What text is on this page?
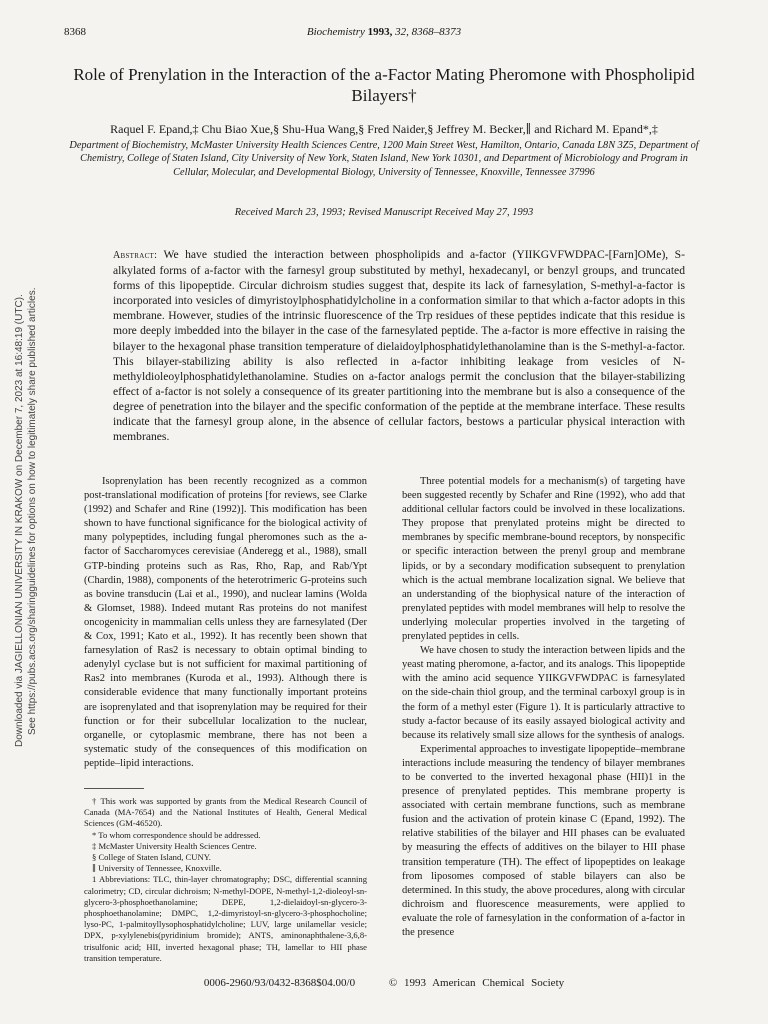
8368	Biochemistry 1993, 32, 8368–8373
Role of Prenylation in the Interaction of the a-Factor Mating Pheromone with Phospholipid Bilayers†
Raquel F. Epand,‡ Chu Biao Xue,§ Shu-Hua Wang,§ Fred Naider,§ Jeffrey M. Becker,∥ and Richard M. Epand*,‡
Department of Biochemistry, McMaster University Health Sciences Centre, 1200 Main Street West, Hamilton, Ontario, Canada L8N 3Z5, Department of Chemistry, College of Staten Island, City University of New York, Staten Island, New York 10301, and Department of Microbiology and Program in Cellular, Molecular, and Developmental Biology, University of Tennessee, Knoxville, Tennessee 37996
Received March 23, 1993; Revised Manuscript Received May 27, 1993
Abstract: We have studied the interaction between phospholipids and a-factor (YIIKGVFWDPAC-[Farn]OMe), S-alkylated forms of a-factor with the farnesyl group substituted by methyl, hexadecanyl, or benzyl groups, and truncated forms of this lipopeptide. Circular dichroism studies suggest that, despite its lack of farnesylation, S-methyl-a-factor is incorporated into vesicles of dimyristoylphosphatidylcholine in a conformation similar to that which a-factor adopts in this membrane. However, studies of the intrinsic fluorescence of the Trp residues of these peptides indicate that this residue is more deeply imbedded into the bilayer in the case of the farnesylated peptide. The a-factor is more effective in raising the bilayer to the hexagonal phase transition temperature of dielaidoylphosphatidylethanolamine than is the S-methyl-a-factor. This bilayer-stabilizing ability is also reflected in a-factor inhibiting leakage from vesicles of N-methyldioleoylphosphatidylethanolamine. Studies on a-factor analogs permit the conclusion that the bilayer-stabilizing effect of a-factor is not solely a consequence of its greater partitioning into the membrane but is also a consequence of the degree of penetration into the bilayer and the specific conformation of the peptide at the membrane interface. These results indicate that the farnesyl group alone, in the absence of cellular factors, bestows a particular physical interaction with membranes.

Isoprenylation has been recently recognized as a common post-translational modification of proteins [for reviews, see Clarke (1992) and Schafer and Rine (1992)]. This modification has been shown to have functional significance for the biological activity of many polypeptides, including fungal pheromones such as the a-factor of Saccharomyces cerevisiae (Anderegg et al., 1988), small GTP-binding proteins such as Ras, Rho, Rap, and Rab/Ypt (Chardin, 1988), components of the heterotrimeric G-proteins such as bovine transducin (Lai et al., 1990), and nuclear lamins (Wolda & Glomset, 1988). Indeed mutant Ras proteins do not manifest oncogenicity in mammalian cells unless they are farnesylated (Der & Cox, 1991; Kato et al., 1992). It has recently been shown that farnesylation of Ras2 is necessary to obtain optimal binding to adenylyl cyclase but is not sufficient for maximal partitioning of Ras2 into membranes (Kuroda et al., 1993). Although there is considerable evidence that many functionally important proteins are isoprenylated and that isoprenylation may be required for their function or for their subcellular localization to the nuclear, organelle, or cytoplasmic membrane, there has not been a systematic study of the consequences of this modification on peptide–lipid interactions.

† This work was supported by grants from the Medical Research Council of Canada (MA-7654) and the National Institutes of Health, General Medical Sciences (GM-46520).

* To whom correspondence should be addressed.

‡ McMaster University Health Sciences Centre.

§ College of Staten Island, CUNY.

∥ University of Tennessee, Knoxville.

1 Abbreviations: TLC, thin-layer chromatography; DSC, differential scanning calorimetry; CD, circular dichroism; N-methyl-DOPE, N-methyl-1,2-dioleoyl-sn-glycero-3-phosphoethanolamine; DEPE, 1,2-dielaidoyl-sn-glycero-3-phosphoethanolamine; DMPC, 1,2-dimyristoyl-sn-glycero-3-phosphocholine; lyso-PC, 1-palmitoyllysophosphatidylcholine; LUV, large unilamellar vesicle; DPX, p-xylylenebis(pyridinium bromide); ANTS, aminonaphthalene-3,6,8-trisulfonic acid; HII, inverted hexagonal phase; TH, lamellar to HII phase transition temperature.

Three potential models for a mechanism(s) of targeting have been suggested recently by Schafer and Rine (1992), who add that additional cellular factors could be involved in these localizations. They propose that prenylated proteins might be directed to membranes by specific membrane-bound receptors, by nonspecific or specific interaction between the prenyl group and membrane lipids, or by a secondary modification subsequent to prenylation which is the actual membrane localization signal. We believe that an understanding of the biophysical nature of the interaction of prenylated peptides with model membranes will help to resolve the underlying molecular properties involved in the targeting of prenylated peptides in cells.

We have chosen to study the interaction between lipids and the yeast mating pheromone, a-factor, and its analogs. This lipopeptide with the amino acid sequence YIIKGVFWDPAC is farnesylated on the side-chain thiol group, and the terminal carboxyl group is in the form of a methyl ester (Figure 1). It is particularly attractive to study a-factor because of its easily assayed biological activity and because its relatively small size allows for the synthesis of analogs.

Experimental approaches to investigate lipopeptide–membrane interactions include measuring the tendency of bilayer membranes to be converted to the inverted hexagonal phase (HII)1 in the presence of prenylated peptides. This membrane property is associated with certain membrane functions, such as membrane fusion and the activation of protein kinase C (Epand, 1992). The relative stabilities of the bilayer and HII phases can be evaluated by measuring the effects of additives on the bilayer to HII phase transition temperature (TH). The effect of lipopeptides on leakage from liposomes composed of stable bilayers can also be determined. In this study, the above procedures, along with circular dichroism and fluorescence measurements, were applied to evaluate the role of farnesylation in the conformation of a-factor in the presence

0006-2960/93/0432-8368$04.00/0	© 1993 American Chemical Society
Downloaded via JAGIELLONIAN UNIVERSITY IN KRAKOW on December 7, 2023 at 16:48:19 (UTC). See https://pubs.acs.org/sharingguidelines for options on how to legitimately share published articles.
